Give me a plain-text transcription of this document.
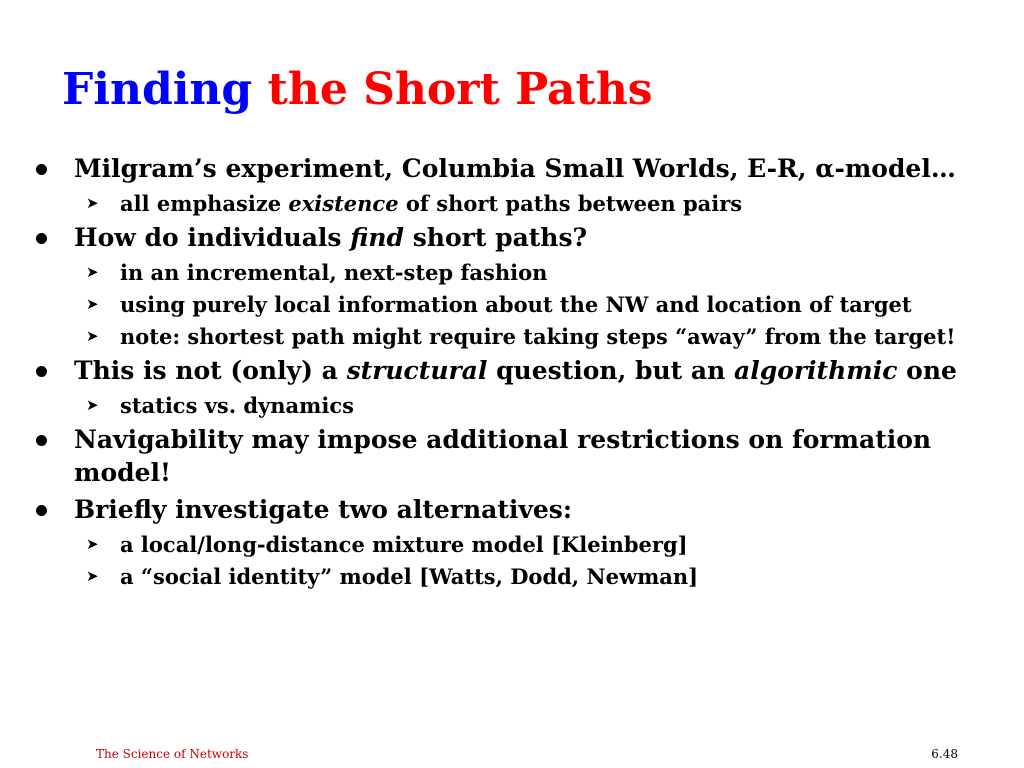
Finding the Short Paths
Milgram’s experiment, Columbia Small Worlds, E-R, α-model…
➤ all emphasize existence of short paths between pairs
How do individuals find short paths?
➤ in an incremental, next-step fashion
➤ using purely local information about the NW and location of target
➤ note: shortest path might require taking steps “away” from the target!
This is not (only) a structural question, but an algorithmic one
➤ statics vs. dynamics
Navigability may impose additional restrictions on formation model!
Briefly investigate two alternatives:
➤ a local/long-distance mixture model [Kleinberg]
➤ a “social identity” model [Watts, Dodd, Newman]
The Science of Networks	6.48
